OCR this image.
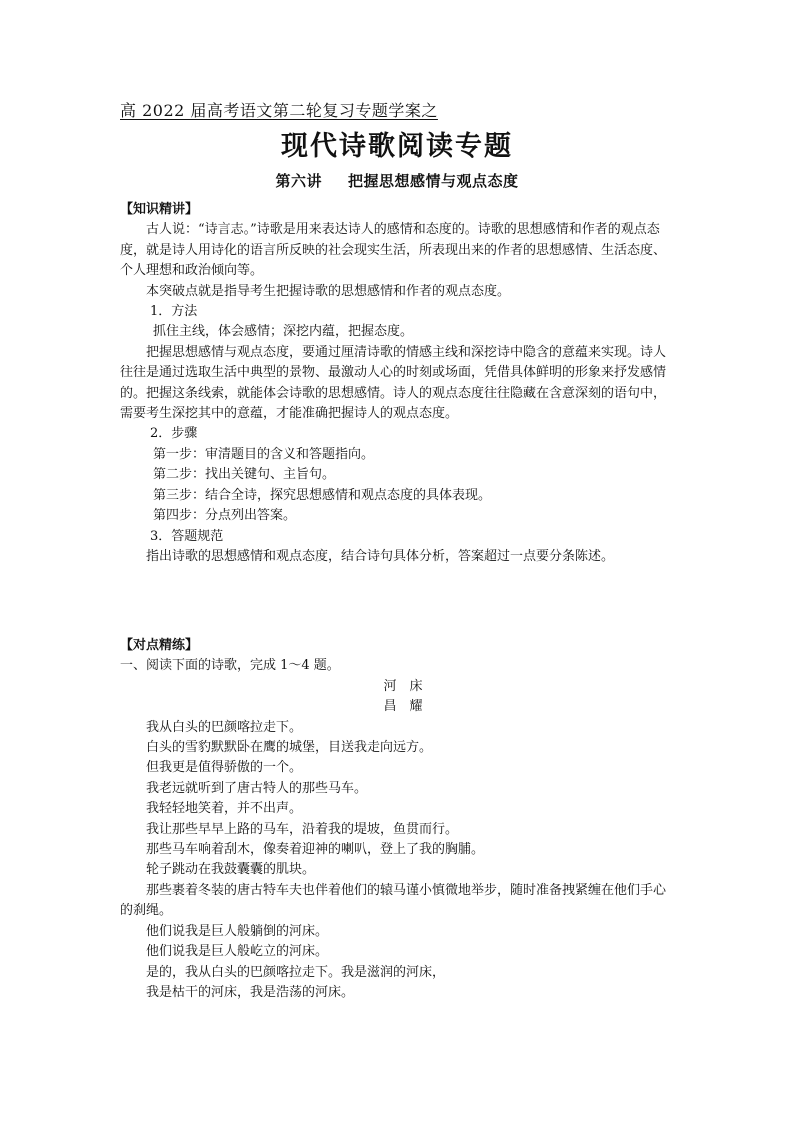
高 2022 届高考语文第二轮复习专题学案之
现代诗歌阅读专题
第六讲 把握思想感情与观点态度

【知识精讲】

古人说：“诗言志。”诗歌是用来表达诗人的感情和态度的。诗歌的思想感情和作者的观点态度，就是诗人用诗化的语言所反映的社会现实生活，所表现出来的作者的思想感情、生活态度、个人理想和政治倾向等。

本突破点就是指导考生把握诗歌的思想感情和作者的观点态度。

1．方法

抓住主线，体会感情；深挖内蕴，把握态度。

把握思想感情与观点态度，要通过厘清诗歌的情感主线和深挖诗中隐含的意蕴来实现。诗人往往是通过选取生活中典型的景物、最激动人心的时刻或场面，凭借具体鲜明的形象来抒发感情的。把握这条线索，就能体会诗歌的思想感情。诗人的观点态度往往隐藏在含意深刻的语句中，需要考生深挖其中的意蕴，才能准确把握诗人的观点态度。

2．步骤

第一步：审清题目的含义和答题指向。

第二步：找出关键句、主旨句。

第三步：结合全诗，探究思想感情和观点态度的具体表现。

第四步：分点列出答案。

3．答题规范

指出诗歌的思想感情和观点态度，结合诗句具体分析，答案超过一点要分条陈述。

【对点精练】

一、阅读下面的诗歌，完成 1～4 题。

河　床

昌　耀

我从白头的巴颜喀拉走下。

白头的雪豹默默卧在鹰的城堡，目送我走向远方。

但我更是值得骄傲的一个。

我老远就听到了唐古特人的那些马车。

我轻轻地笑着，并不出声。

我让那些早早上路的马车，沿着我的堤坡，鱼贯而行。

那些马车响着刮木，像奏着迎神的喇叭，登上了我的胸脯。

轮子跳动在我鼓囊囊的肌块。

那些裹着冬装的唐古特车夫也伴着他们的辕马谨小慎微地举步，随时准备拽紧缠在他们手心的刹绳。

他们说我是巨人般躺倒的河床。

他们说我是巨人般屹立的河床。

是的，我从白头的巴颜喀拉走下。我是滋润的河床，

我是枯干的河床，我是浩荡的河床。
